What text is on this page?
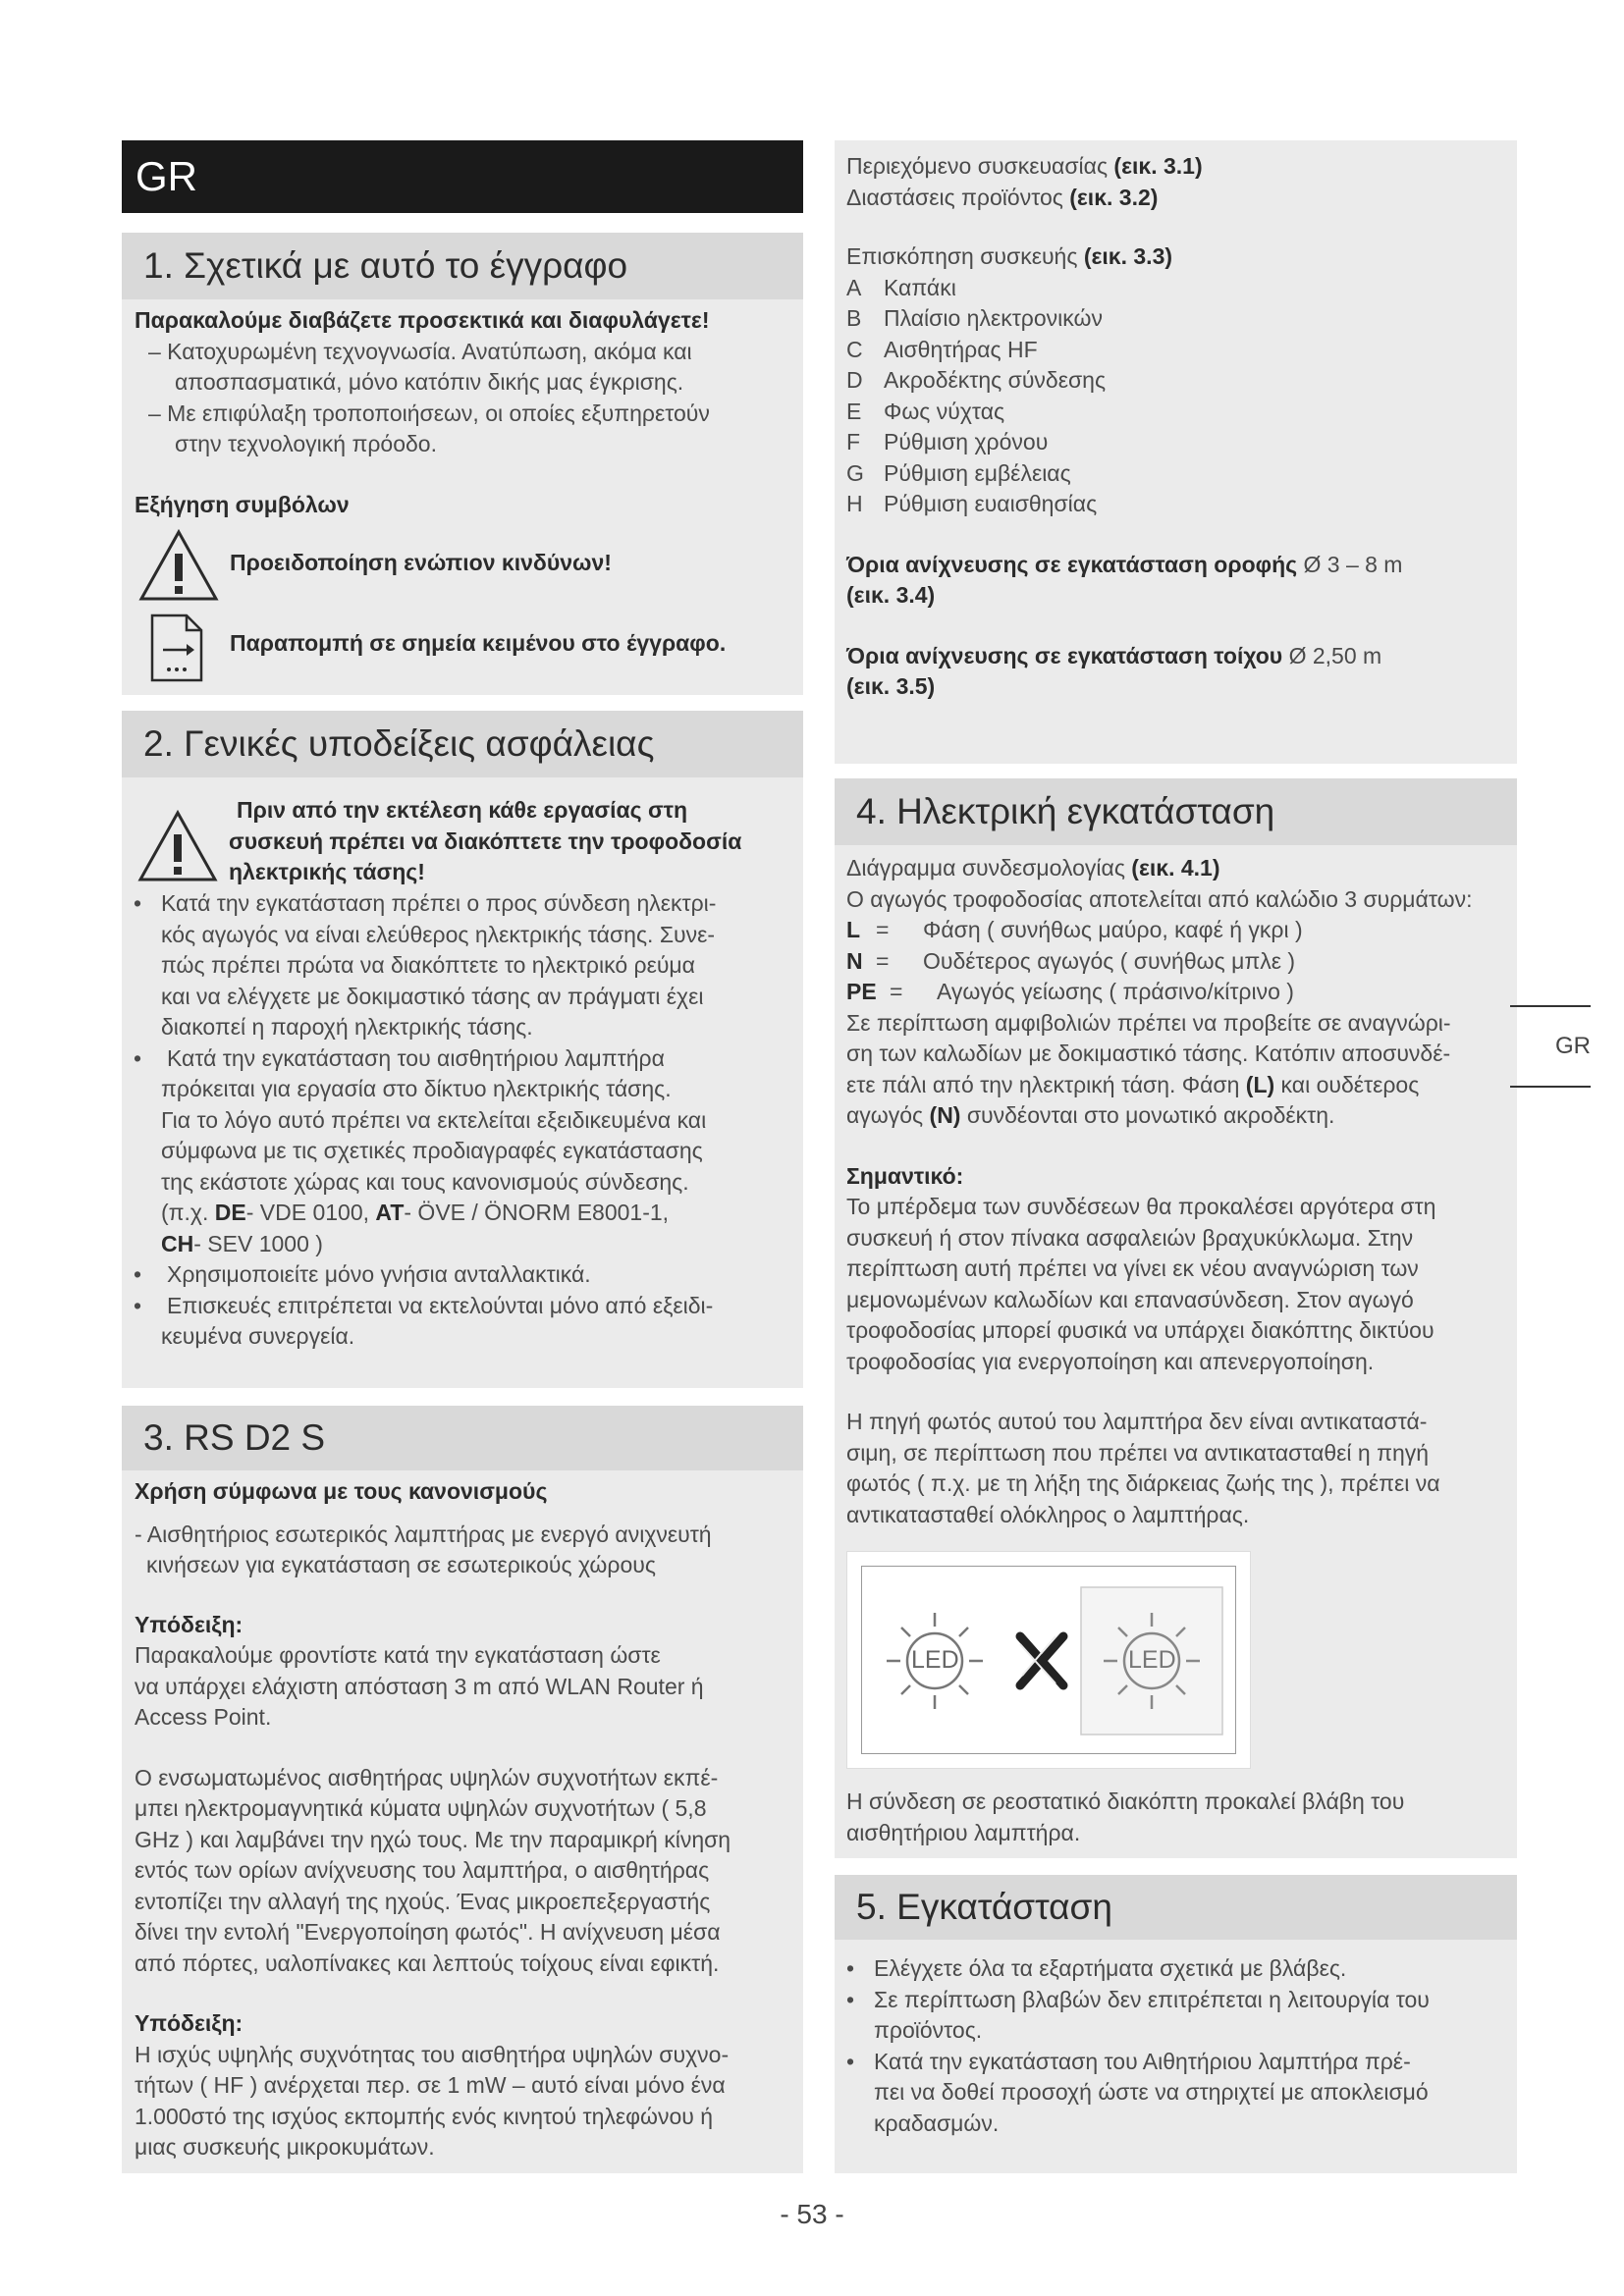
GR
1. Σχετικά με αυτό το έγγραφο

Παρακαλούμε διαβάζετε προσεκτικά και διαφυλάγετε!

– Κατοχυρωμένη τεχνογνωσία. Ανατύπωση, ακόμα και

αποσπασματικά, μόνο κατόπιν δικής μας έγκρισης.

– Με επιφύλαξη τροποποιήσεων, οι οποίες εξυπηρετούν

στην τεχνολογική πρόοδο.

Εξήγηση συμβόλων

Προειδοποίηση ενώπιον κινδύνων!
Παραπομπή σε σημεία κειμένου στο έγγραφο.
2. Γενικές υποδείξεις ασφάλειας

Πριν από την εκτέλεση κάθε εργασίας στη

συσκευή πρέπει να διακόπτετε την τροφοδοσία

ηλεκτρικής τάσης!

• Κατά την εγκατάσταση πρέπει ο προς σύνδεση ηλεκτρι-
κός αγωγός να είναι ελεύθερος ηλεκτρικής τάσης. Συνε-
πώς πρέπει πρώτα να διακόπτετε το ηλεκτρικό ρεύμα
και να ελέγχετε με δοκιμαστικό τάσης αν πράγματι έχει
διακοπεί η παροχή ηλεκτρικής τάσης.
• Κατά την εγκατάσταση του αισθητήριου λαμπτήρα
πρόκειται για εργασία στο δίκτυο ηλεκτρικής τάσης.
Για το λόγο αυτό πρέπει να εκτελείται εξειδικευμένα και
σύμφωνα με τις σχετικές προδιαγραφές εγκατάστασης
της εκάστοτε χώρας και τους κανονισμούς σύνδεσης.
(π.χ. DE- VDE 0100, AT- ÖVE / ÖNORM E8001-1,
CH- SEV 1000 )
• Χρησιμοποιείτε μόνο γνήσια ανταλλακτικά.
• Επισκευές επιτρέπεται να εκτελούνται μόνο από εξειδι-
κευμένα συνεργεία.
3. RS D2 S

Χρήση σύμφωνα με τους κανονισμούς

- Αισθητήριος εσωτερικός λαμπτήρας με ενεργό ανιχνευτή

κινήσεων για εγκατάσταση σε εσωτερικούς χώρους

Υπόδειξη:

Παρακαλούμε φροντίστε κατά την εγκατάσταση ώστε

να υπάρχει ελάχιστη απόσταση 3 m από WLAN Router ή

Access Point.

Ο ενσωματωμένος αισθητήρας υψηλών συχνοτήτων εκπέ-

μπει ηλεκτρομαγνητικά κύματα υψηλών συχνοτήτων ( 5,8

GHz ) και λαμβάνει την ηχώ τους. Με την παραμικρή κίνηση

εντός των ορίων ανίχνευσης του λαμπτήρα, ο αισθητήρας

εντοπίζει την αλλαγή της ηχούς. Ένας μικροεπεξεργαστής

δίνει την εντολή "Ενεργοποίηση φωτός". Η ανίχνευση μέσα

από πόρτες, υαλοπίνακες και λεπτούς τοίχους είναι εφικτή.

Υπόδειξη:

Η ισχύς υψηλής συχνότητας του αισθητήρα υψηλών συχνο-

τήτων ( HF ) ανέρχεται περ. σε 1 mW – αυτό είναι μόνο ένα

1.000στό της ισχύος εκπομπής ενός κινητού τηλεφώνου ή

μιας συσκευής μικροκυμάτων.

Περιεχόμενο συσκευασίας (εικ. 3.1)

Διαστάσεις προϊόντος (εικ. 3.2)

Επισκόπηση συσκευής (εικ. 3.3)

A Καπάκι

B Πλαίσιο ηλεκτρονικών

C Αισθητήρας HF

D Ακροδέκτης σύνδεσης

E Φως νύχτας

F Ρύθμιση χρόνου

G Ρύθμιση εμβέλειας

H Ρύθμιση ευαισθησίας

Όρια ανίχνευσης σε εγκατάσταση οροφής Ø 3 – 8 m

(εικ. 3.4)

Όρια ανίχνευσης σε εγκατάσταση τοίχου Ø 2,50 m

(εικ. 3.5)

4. Ηλεκτρική εγκατάσταση

Διάγραμμα συνδεσμολογίας (εικ. 4.1)

Ο αγωγός τροφοδοσίας αποτελείται από καλώδιο 3 συρμάτων:

L = Φάση ( συνήθως μαύρο, καφέ ή γκρι )

N = Ουδέτερος αγωγός ( συνήθως μπλε )

PE = Αγωγός γείωσης ( πράσινο/κίτρινο )

Σε περίπτωση αμφιβολιών πρέπει να προβείτε σε αναγνώρι-

ση των καλωδίων με δοκιμαστικό τάσης. Κατόπιν αποσυνδέ-

ετε πάλι από την ηλεκτρική τάση. Φάση (L) και ουδέτερος

αγωγός (N) συνδέονται στο μονωτικό ακροδέκτη.

Σημαντικό:

Το μπέρδεμα των συνδέσεων θα προκαλέσει αργότερα στη

συσκευή ή στον πίνακα ασφαλειών βραχυκύκλωμα. Στην

περίπτωση αυτή πρέπει να γίνει εκ νέου αναγνώριση των

μεμονωμένων καλωδίων και επανασύνδεση. Στον αγωγό

τροφοδοσίας μπορεί φυσικά να υπάρχει διακόπτης δικτύου

τροφοδοσίας για ενεργοποίηση και απενεργοποίηση.

Η πηγή φωτός αυτού του λαμπτήρα δεν είναι αντικαταστά-

σιμη, σε περίπτωση που πρέπει να αντικατασταθεί η πηγή

φωτός ( π.χ. με τη λήξη της διάρκειας ζωής της ), πρέπει να

αντικατασταθεί ολόκληρος ο λαμπτήρας.

LED	LED

Η σύνδεση σε ρεοστατικό διακόπτη προκαλεί βλάβη του

αισθητήριου λαμπτήρα.

5. Εγκατάσταση
• Ελέγχετε όλα τα εξαρτήματα σχετικά με βλάβες.
• Σε περίπτωση βλαβών δεν επιτρέπεται η λειτουργία του
προϊόντος.
• Κατά την εγκατάσταση του Αιθητήριου λαμπτήρα πρέ-
πει να δοθεί προσοχή ώστε να στηριχτεί με αποκλεισμό
κραδασμών.
GR
- 53 -
